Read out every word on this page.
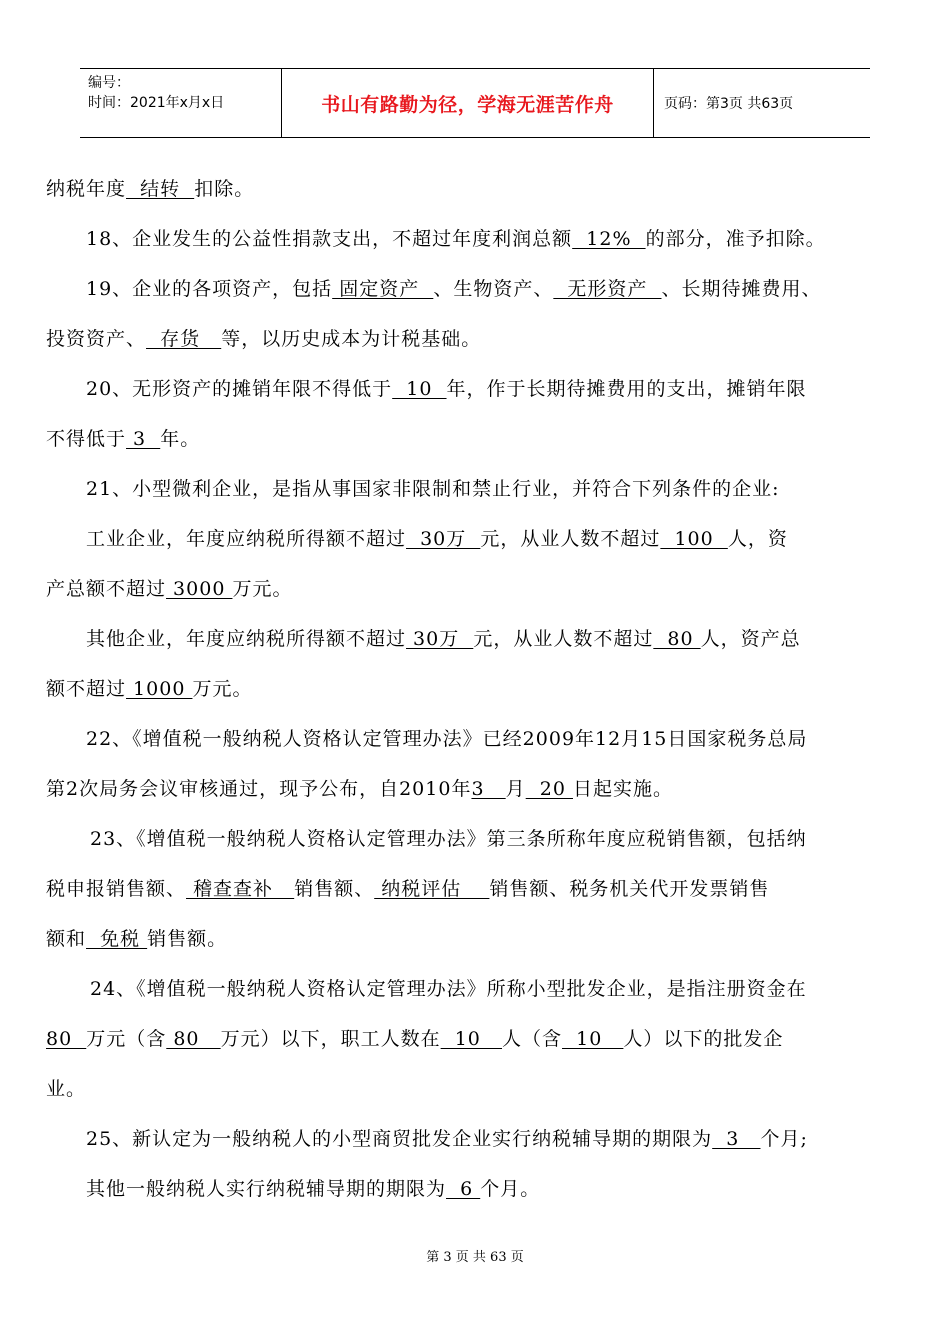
编号：
时间：2021年x月x日	书山有路勤为径，学海无涯苦作舟	页码：第3页 共63页
纳税年度  结转  扣除。
18、企业发生的公益性捐款支出，不超过年度利润总额  12%  的部分，准予扣除。
19、企业的各项资产，包括 固定资产  、生物资产、  无形资产  、长期待摊费用、
投资资产、  存货   等，以历史成本为计税基础。
20、无形资产的摊销年限不得低于  10  年，作于长期待摊费用的支出，摊销年限
不得低于 3  年。
21、小型微利企业，是指从事国家非限制和禁止行业，并符合下列条件的企业:
工业企业，年度应纳税所得额不超过  30万  元，从业人数不超过  100  人，资
产总额不超过 3000 万元。
其他企业，年度应纳税所得额不超过 30万  元，从业人数不超过  80 人，资产总
额不超过 1000 万元。
22、《增值税一般纳税人资格认定管理办法》已经2009年12月15日国家税务总局
第2次局务会议审核通过，现予公布，自2010年3   月  20 日起实施。
23、《增值税一般纳税人资格认定管理办法》第三条所称年度应税销售额，包括纳
税申报销售额、 稽查查补   销售额、 纳税评估    销售额、税务机关代开发票销售
额和  免税 销售额。
24、《增值税一般纳税人资格认定管理办法》所称小型批发企业，是指注册资金在
80  万元（含 80   万元）以下，职工人数在  10   人（含  10   人）以下的批发企
业。
25、新认定为一般纳税人的小型商贸批发企业实行纳税辅导期的期限为  3   个月;
其他一般纳税人实行纳税辅导期的期限为  6 个月。
第 3 页 共 63 页
